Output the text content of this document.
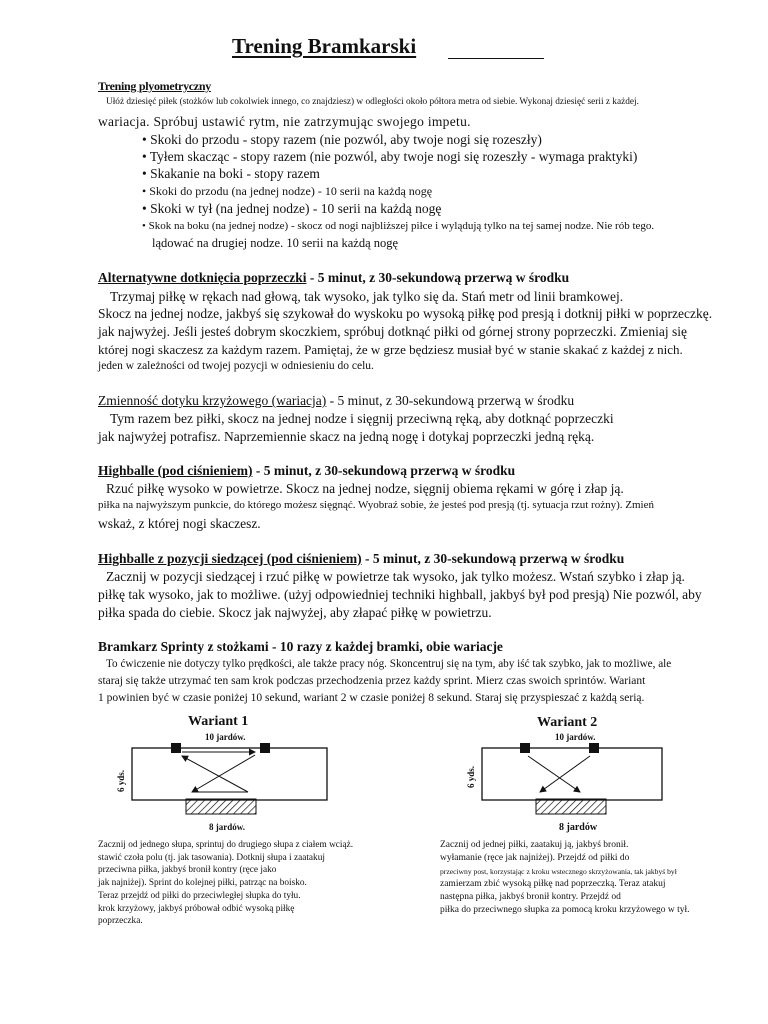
Trening Bramkarski
Trening plyometryczny
Ułóż dziesięć piłek (stożków lub cokolwiek innego, co znajdziesz) w odległości około półtora metra od siebie. Wykonaj dziesięć serii z każdej.
wariacja. Spróbuj ustawić rytm, nie zatrzymując swojego impetu.
• Skoki do przodu - stopy razem (nie pozwól, aby twoje nogi się rozeszły)
• Tyłem skacząc - stopy razem (nie pozwól, aby twoje nogi się rozeszły - wymaga praktyki)
• Skakanie na boki - stopy razem
• Skoki do przodu (na jednej nodze) - 10 serii na każdą nogę
• Skoki w tył (na jednej nodze) - 10 serii na każdą nogę
• Skok na boku (na jednej nodze) - skocz od nogi najbliższej piłce i wylądują tylko na tej samej nodze. Nie rób tego.
lądować na drugiej nodze. 10 serii na każdą nogę
Alternatywne dotknięcia poprzeczki - 5 minut, z 30-sekundową przerwą w środku
Trzymaj piłkę w rękach nad głową, tak wysoko, jak tylko się da. Stań metr od linii bramkowej.
Skocz na jednej nodze, jakbyś się szykował do wyskoku po wysoką piłkę pod presją i dotknij piłki w poprzeczkę.
jak najwyżej. Jeśli jesteś dobrym skoczkiem, spróbuj dotknąć piłki od górnej strony poprzeczki. Zmieniaj się
której nogi skaczesz za każdym razem. Pamiętaj, że w grze będziesz musiał być w stanie skakać z każdej z nich.
jeden w zależności od twojej pozycji w odniesieniu do celu.
Zmienność dotyku krzyżowego (wariacja) - 5 minut, z 30-sekundową przerwą w środku
Tym razem bez piłki, skocz na jednej nodze i sięgnij przeciwną ręką, aby dotknąć poprzeczki
jak najwyżej potrafisz. Naprzemiennie skacz na jedną nogę i dotykaj poprzeczki jedną ręką.
Highballe (pod ciśnieniem) - 5 minut, z 30-sekundową przerwą w środku
Rzuć piłkę wysoko w powietrze. Skocz na jednej nodze, sięgnij obiema rękami w górę i złap ją.
piłka na najwyższym punkcie, do którego możesz sięgnąć. Wyobraź sobie, że jesteś pod presją (tj. sytuacja rzut rożny). Zmień
wskaż, z której nogi skaczesz.
Highballe z pozycji siedzącej (pod ciśnieniem) - 5 minut, z 30-sekundową przerwą w środku
Zacznij w pozycji siedzącej i rzuć piłkę w powietrze tak wysoko, jak tylko możesz. Wstań szybko i złap ją.
piłkę tak wysoko, jak to możliwe. (użyj odpowiedniej techniki highball, jakbyś był pod presją) Nie pozwól, aby
piłka spada do ciebie. Skocz jak najwyżej, aby złapać piłkę w powietrzu.
Bramkarz Sprinty z stożkami - 10 razy z każdej bramki, obie wariacje
To ćwiczenie nie dotyczy tylko prędkości, ale także pracy nóg. Skoncentruj się na tym, aby iść tak szybko, jak to możliwe, ale
staraj się także utrzymać ten sam krok podczas przechodzenia przez każdy sprint. Mierz czas swoich sprintów. Wariant
1 powinien być w czasie poniżej 10 sekund, wariant 2 w czasie poniżej 8 sekund. Staraj się przyspieszać z każdą serią.
Wariant 1
10 jardów.
6 yds.
8 jardów.
Zacznij od jednego słupa, sprintuj do drugiego słupa z ciałem wciąż.
stawić czoła polu (tj. jak tasowania). Dotknij słupa i zaatakuj
przeciwna piłka, jakbyś bronił kontry (ręce jako
jak najniżej). Sprint do kolejnej piłki, patrząc na boisko.
Teraz przejdź od piłki do przeciwległej słupka do tyłu.
krok krzyżowy, jakbyś próbował odbić wysoką piłkę
poprzeczka.
Wariant 2
10 jardów.
6 yds.
8 jardów
Zacznij od jednej piłki, zaatakuj ją, jakbyś bronił.
wyłamanie (ręce jak najniżej). Przejdź od piłki do
przeciwny post, korzystając z kroku wstecznego skrzyżowania, tak jakbyś był
zamierzam zbić wysoką piłkę nad poprzeczką. Teraz atakuj
następna piłka, jakbyś bronił kontry. Przejdź od
piłka do przeciwnego słupka za pomocą kroku krzyżowego w tył.
